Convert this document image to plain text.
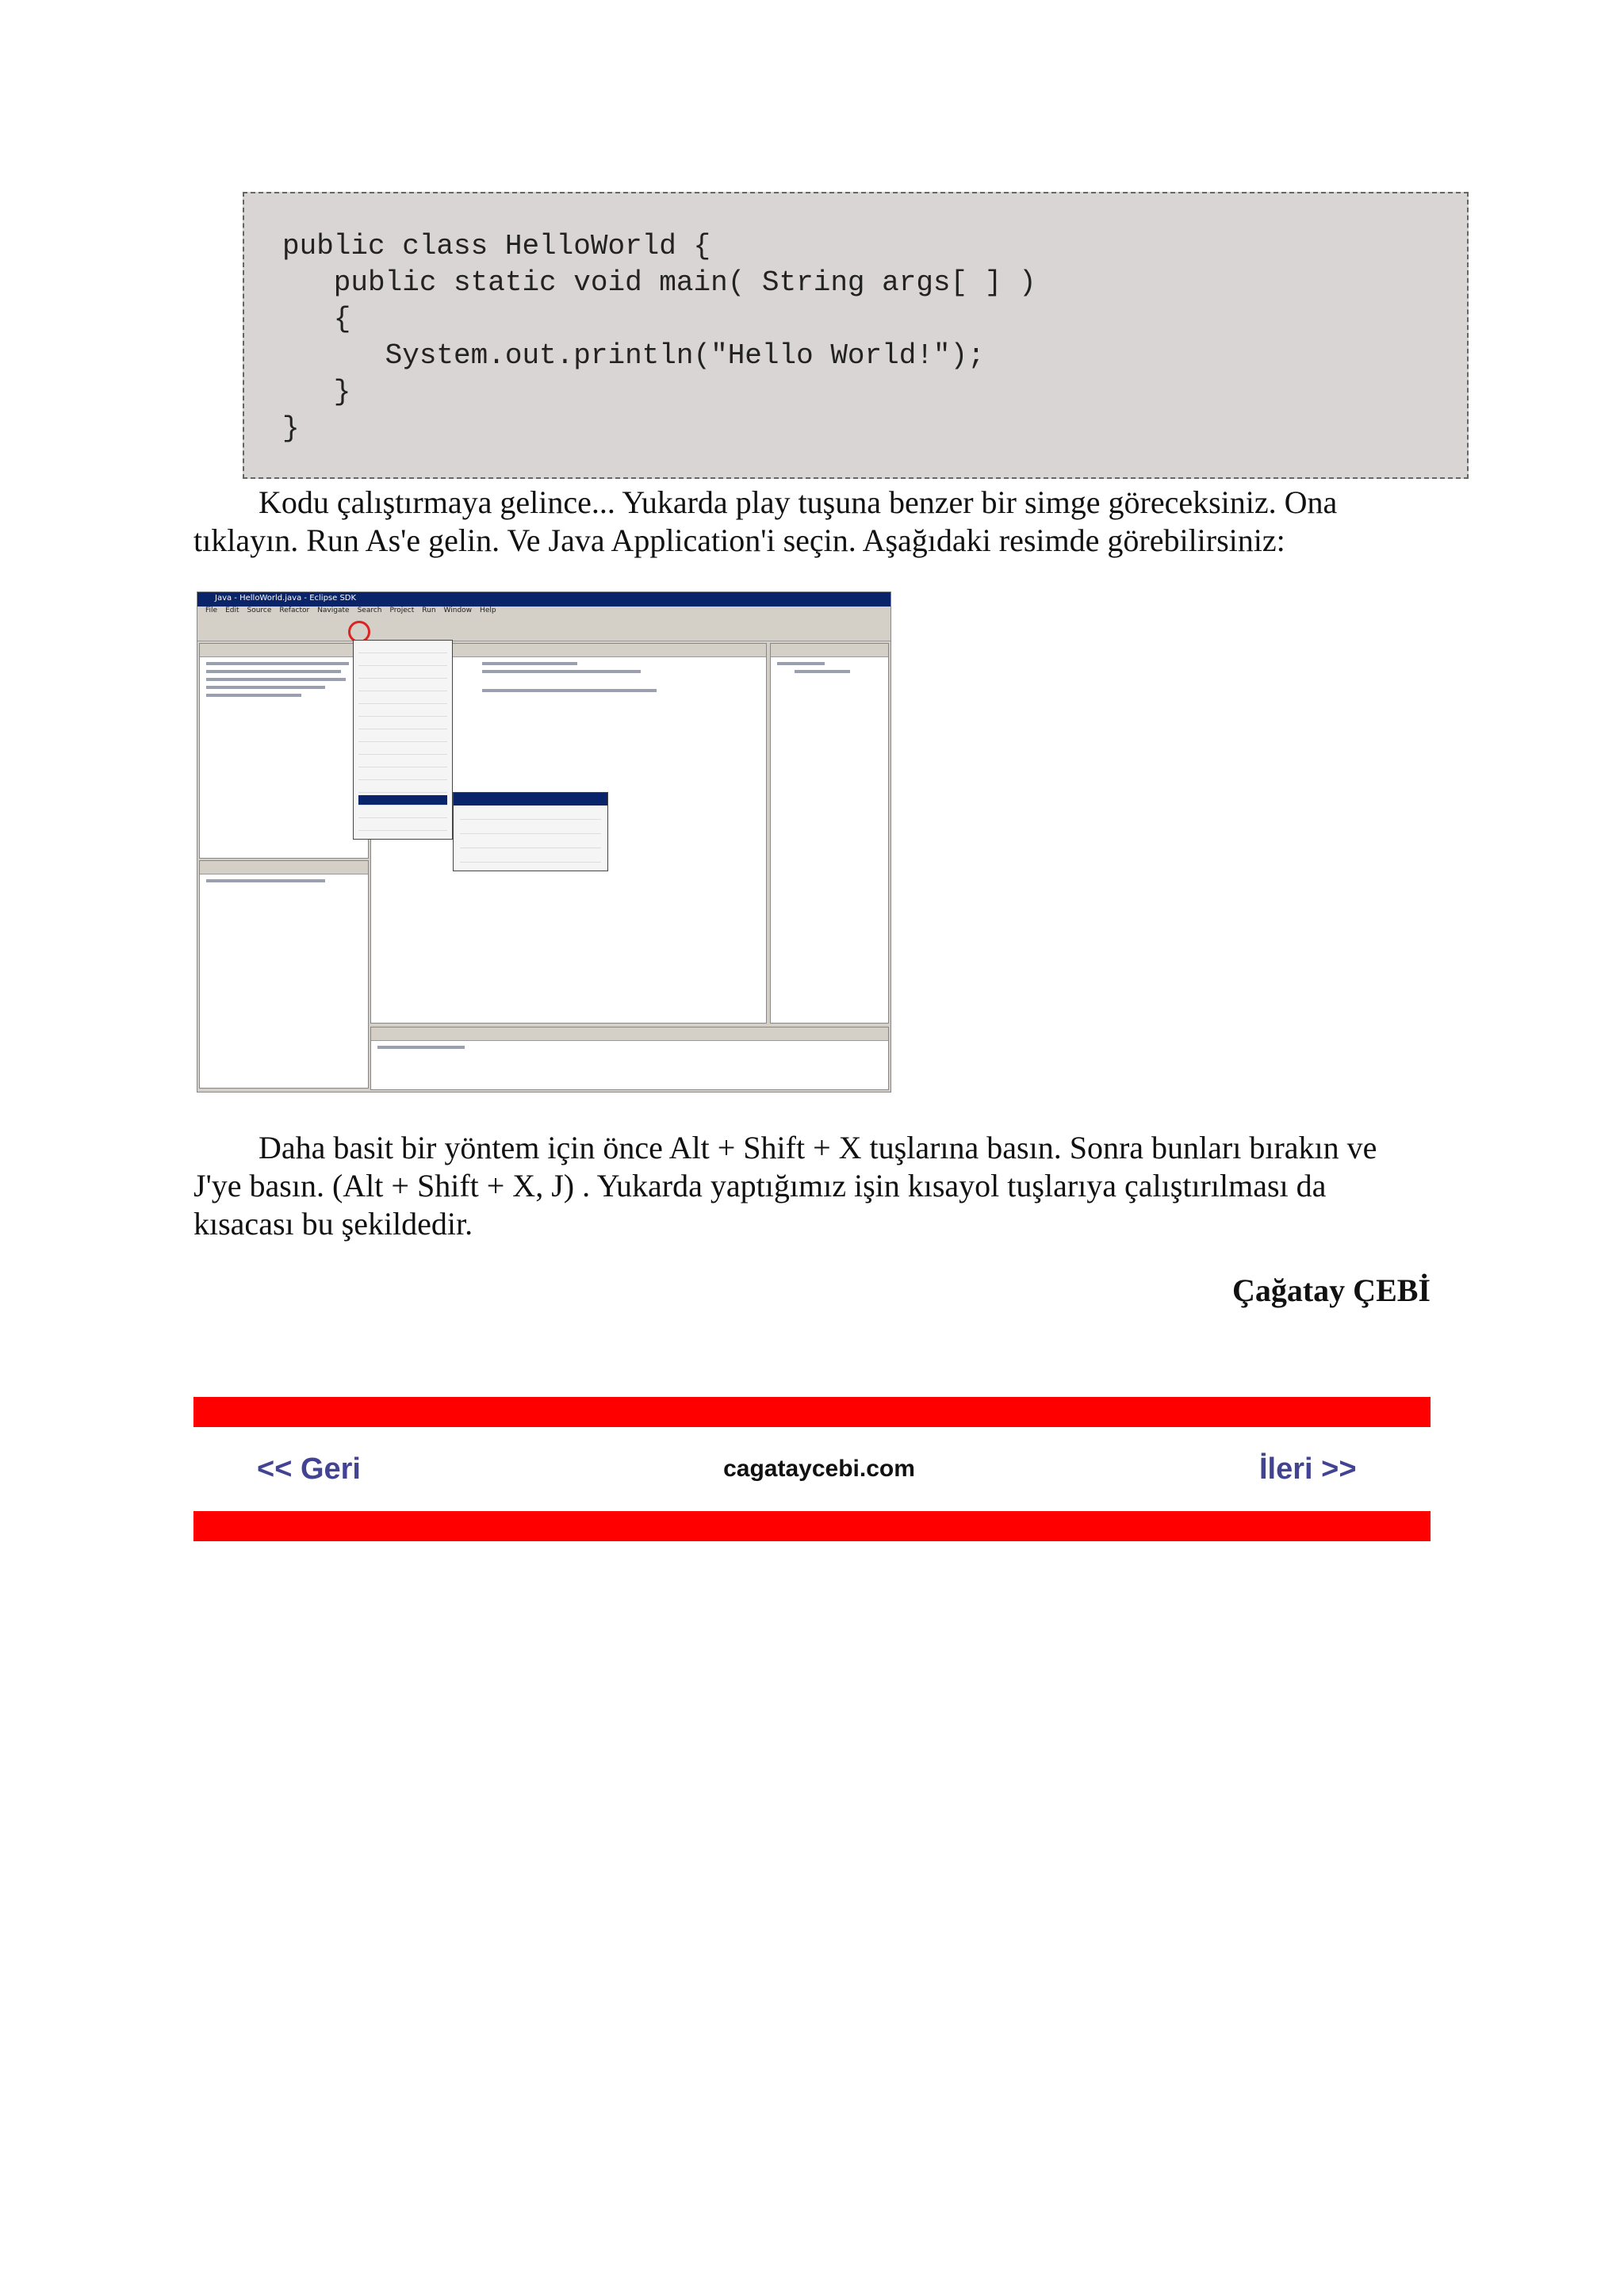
public class HelloWorld {
public static void main( String args[ ] )
{
System.out.println("Hello World!");
}
}

Kodu çalıştırmaya gelince... Yukarda play tuşuna benzer bir simge göreceksiniz. Ona tıklayın. Run As'e gelin. Ve Java Application'i seçin. Aşağıdaki resimde görebilirsiniz:

Java - HelloWorld.java - Eclipse SDK
File Edit Source Refactor Navigate Search Project Run Window Help

Daha basit bir yöntem için önce Alt + Shift + X tuşlarına basın. Sonra bunları bırakın ve J'ye basın. (Alt + Shift + X, J) . Yukarda yaptığımız işin kısayol tuşlarıya çalıştırılması da kısacası bu şekildedir.

Çağatay ÇEBİ
<< Geri	cagataycebi.com	İleri >>
